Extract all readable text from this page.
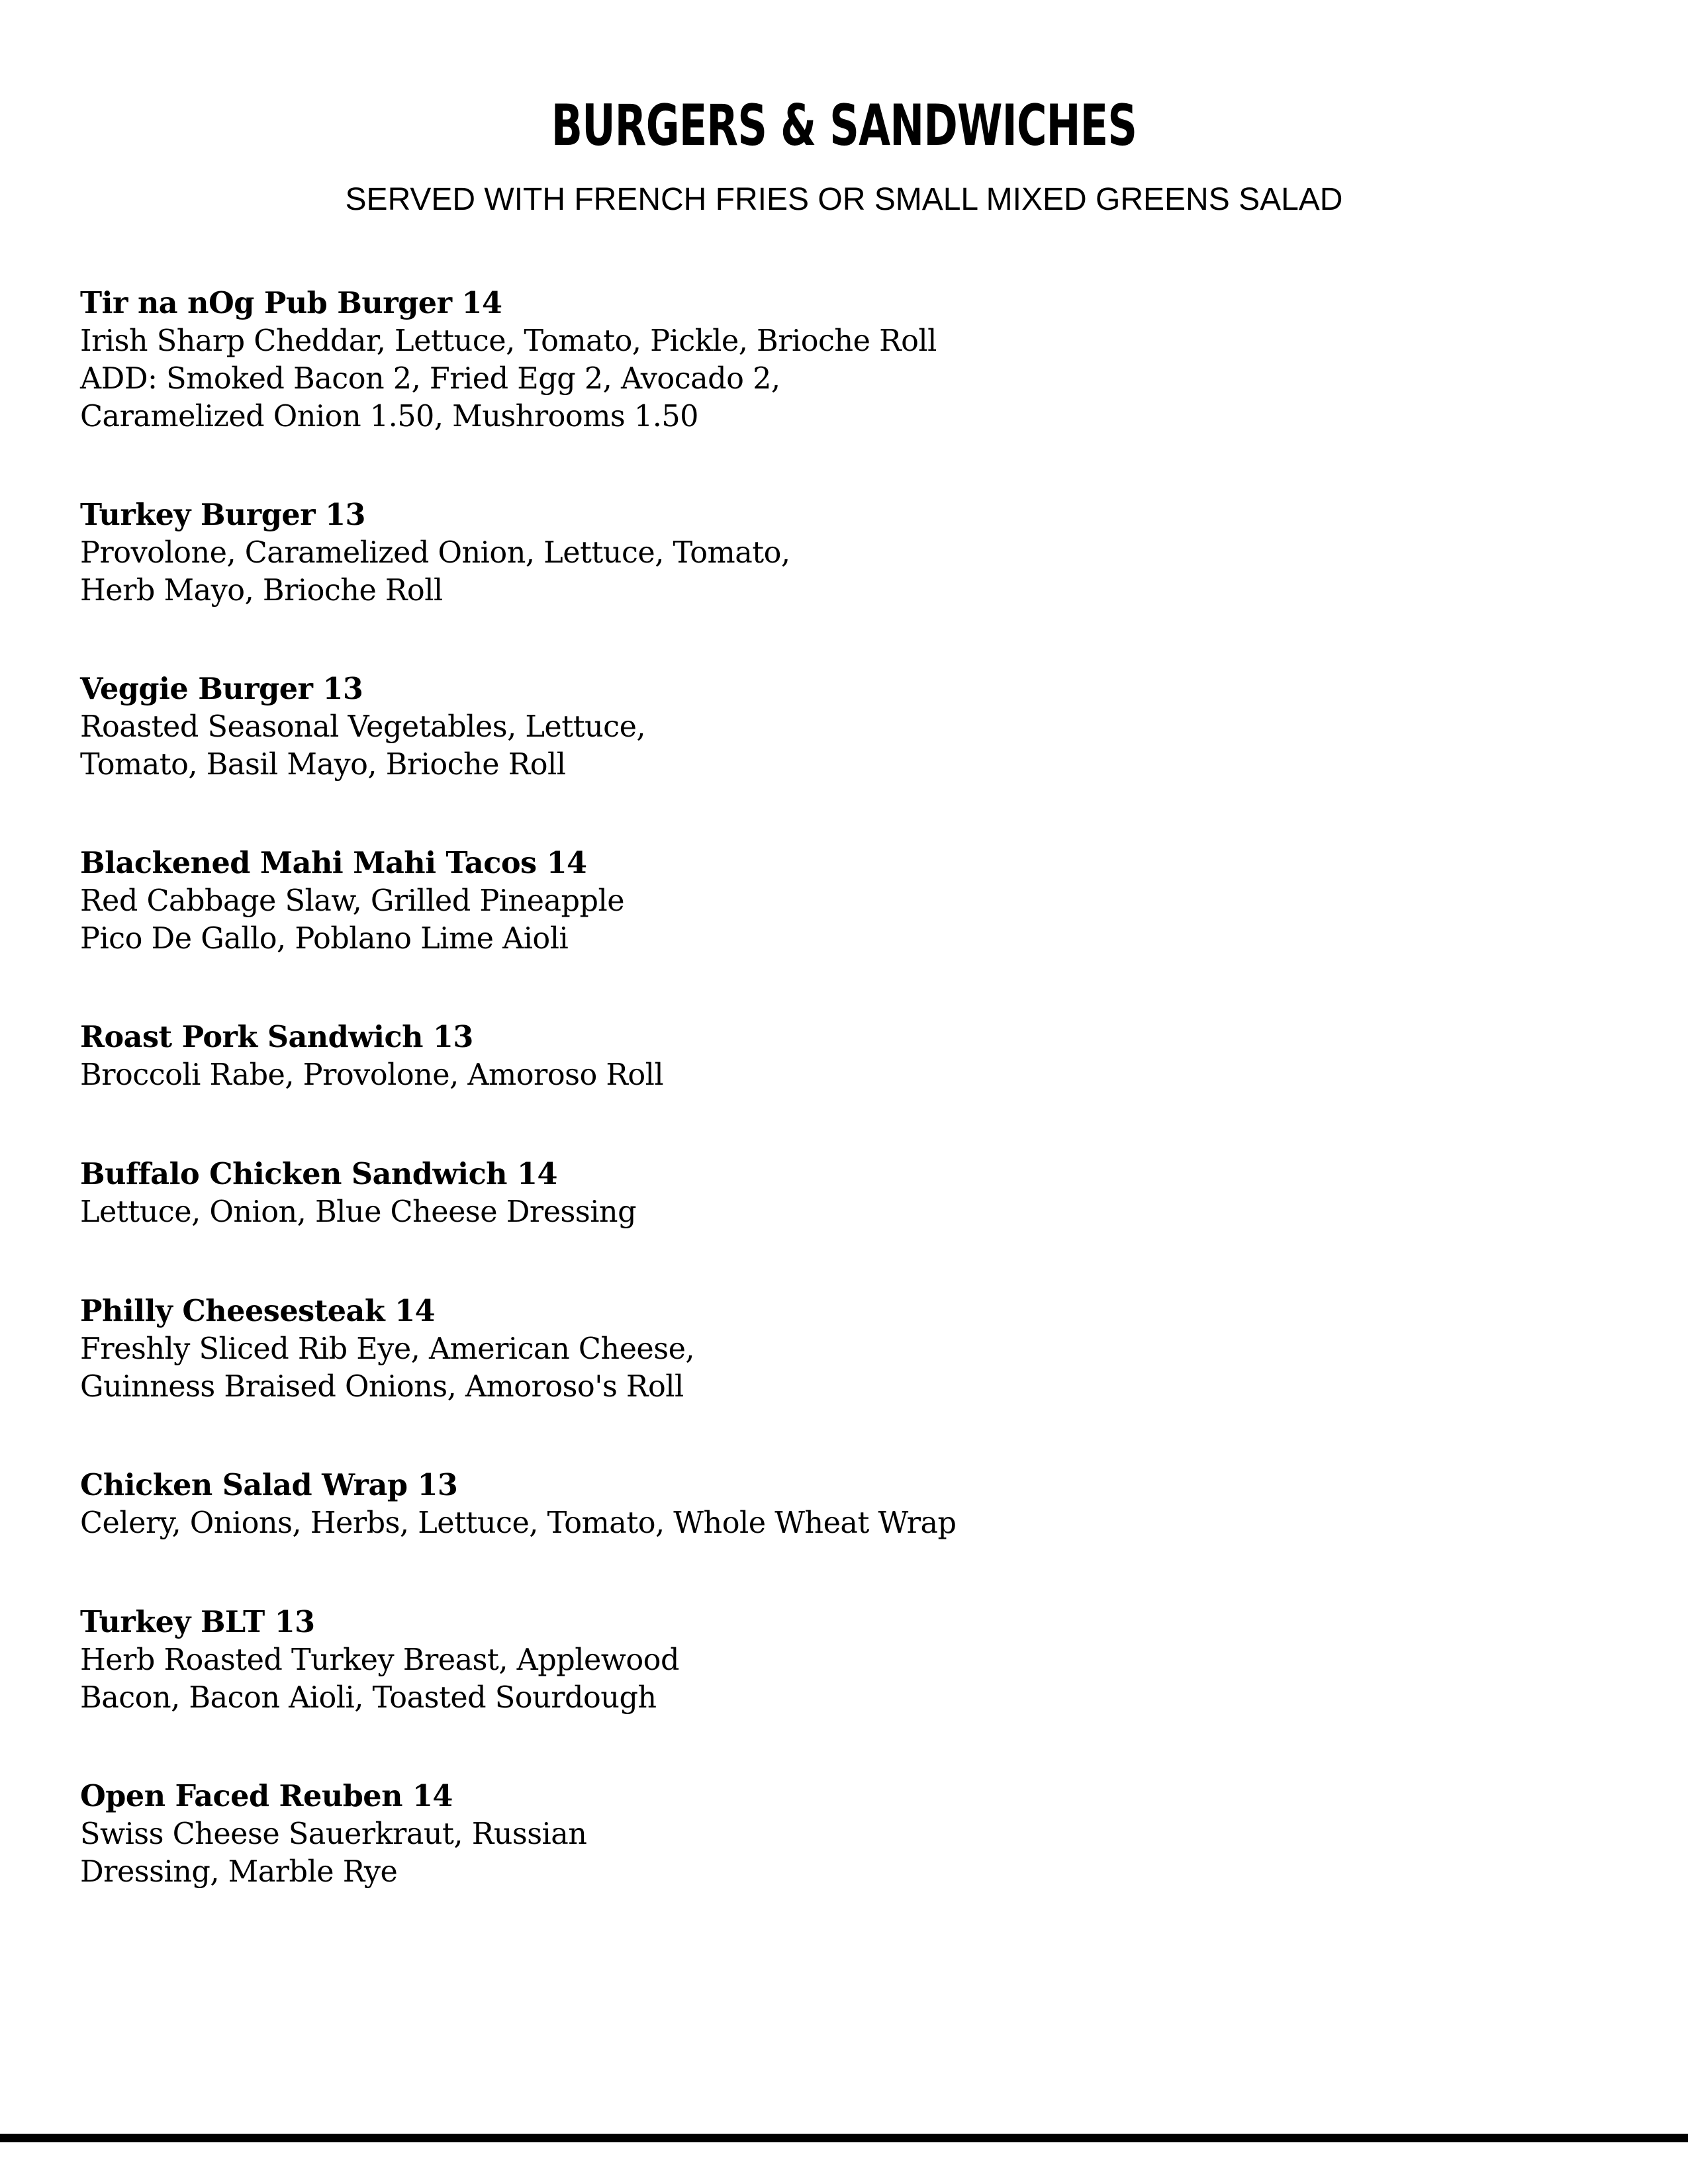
BURGERS & SANDWICHES
SERVED WITH FRENCH FRIES OR SMALL MIXED GREENS SALAD
Tir na nOg Pub Burger 14
Irish Sharp Cheddar, Lettuce, Tomato, Pickle, Brioche Roll
ADD: Smoked Bacon 2, Fried Egg 2, Avocado 2,
Caramelized Onion 1.50, Mushrooms 1.50
Turkey Burger 13
Provolone, Caramelized Onion, Lettuce, Tomato,
Herb Mayo, Brioche Roll
Veggie Burger 13
Roasted Seasonal Vegetables, Lettuce,
Tomato, Basil Mayo, Brioche Roll
Blackened Mahi Mahi Tacos 14
Red Cabbage Slaw, Grilled Pineapple
Pico De Gallo, Poblano Lime Aioli
Roast Pork Sandwich 13
Broccoli Rabe, Provolone, Amoroso Roll
Buffalo Chicken Sandwich 14
Lettuce, Onion, Blue Cheese Dressing
Philly Cheesesteak 14
Freshly Sliced Rib Eye, American Cheese,
Guinness Braised Onions, Amoroso's Roll
Chicken Salad Wrap 13
Celery, Onions, Herbs, Lettuce, Tomato, Whole Wheat Wrap
Turkey BLT 13
Herb Roasted Turkey Breast, Applewood
Bacon, Bacon Aioli, Toasted Sourdough
Open Faced Reuben 14
Swiss Cheese Sauerkraut, Russian
Dressing, Marble Rye
